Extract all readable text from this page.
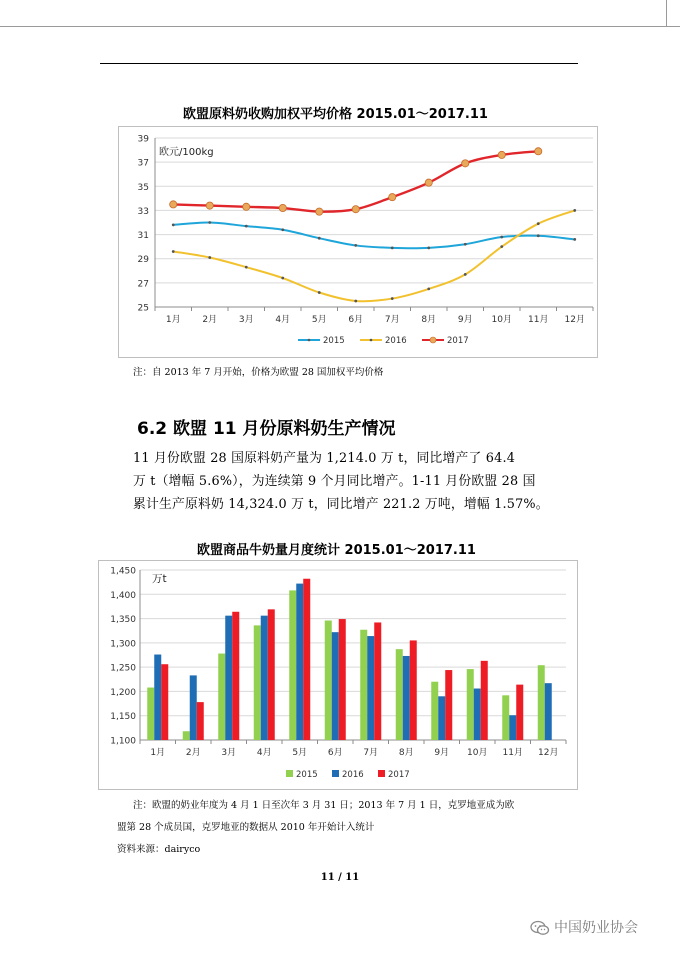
欧盟原料奶收购加权平均价格 2015.01～2017.11
25
27
29
31
33
35
37
39
1月 2月 3月 4月 5月 6月 7月 8月 9月 10月 11月 12月
欧元/100kg
2015	2016	2017
注：自 2013 年 7 月开始，价格为欧盟 28 国加权平均价格
6.2 欧盟 11 月份原料奶生产情况
11 月份欧盟 28 国原料奶产量为 1,214.0 万 t，同比增产了 64.4
万 t（增幅 5.6%），为连续第 9 个月同比增产。1-11 月份欧盟 28 国
累计生产原料奶 14,324.0 万 t，同比增产 221.2 万吨，增幅 1.57%。
欧盟商品牛奶量月度统计 2015.01～2017.11
1,100
1,150
1,200
1,250
1,300
1,350
1,400
1,450
万t
1月 2月 3月 4月 5月 6月 7月 8月 9月 10月 11月 12月
2015	2016	2017
注：欧盟的奶业年度为 4 月 1 日至次年 3 月 31 日；2013 年 7 月 1 日，克罗地亚成为欧
盟第 28 个成员国，克罗地亚的数据从 2010 年开始计入统计
资料来源：dairyco
11 / 11
中国奶业协会
